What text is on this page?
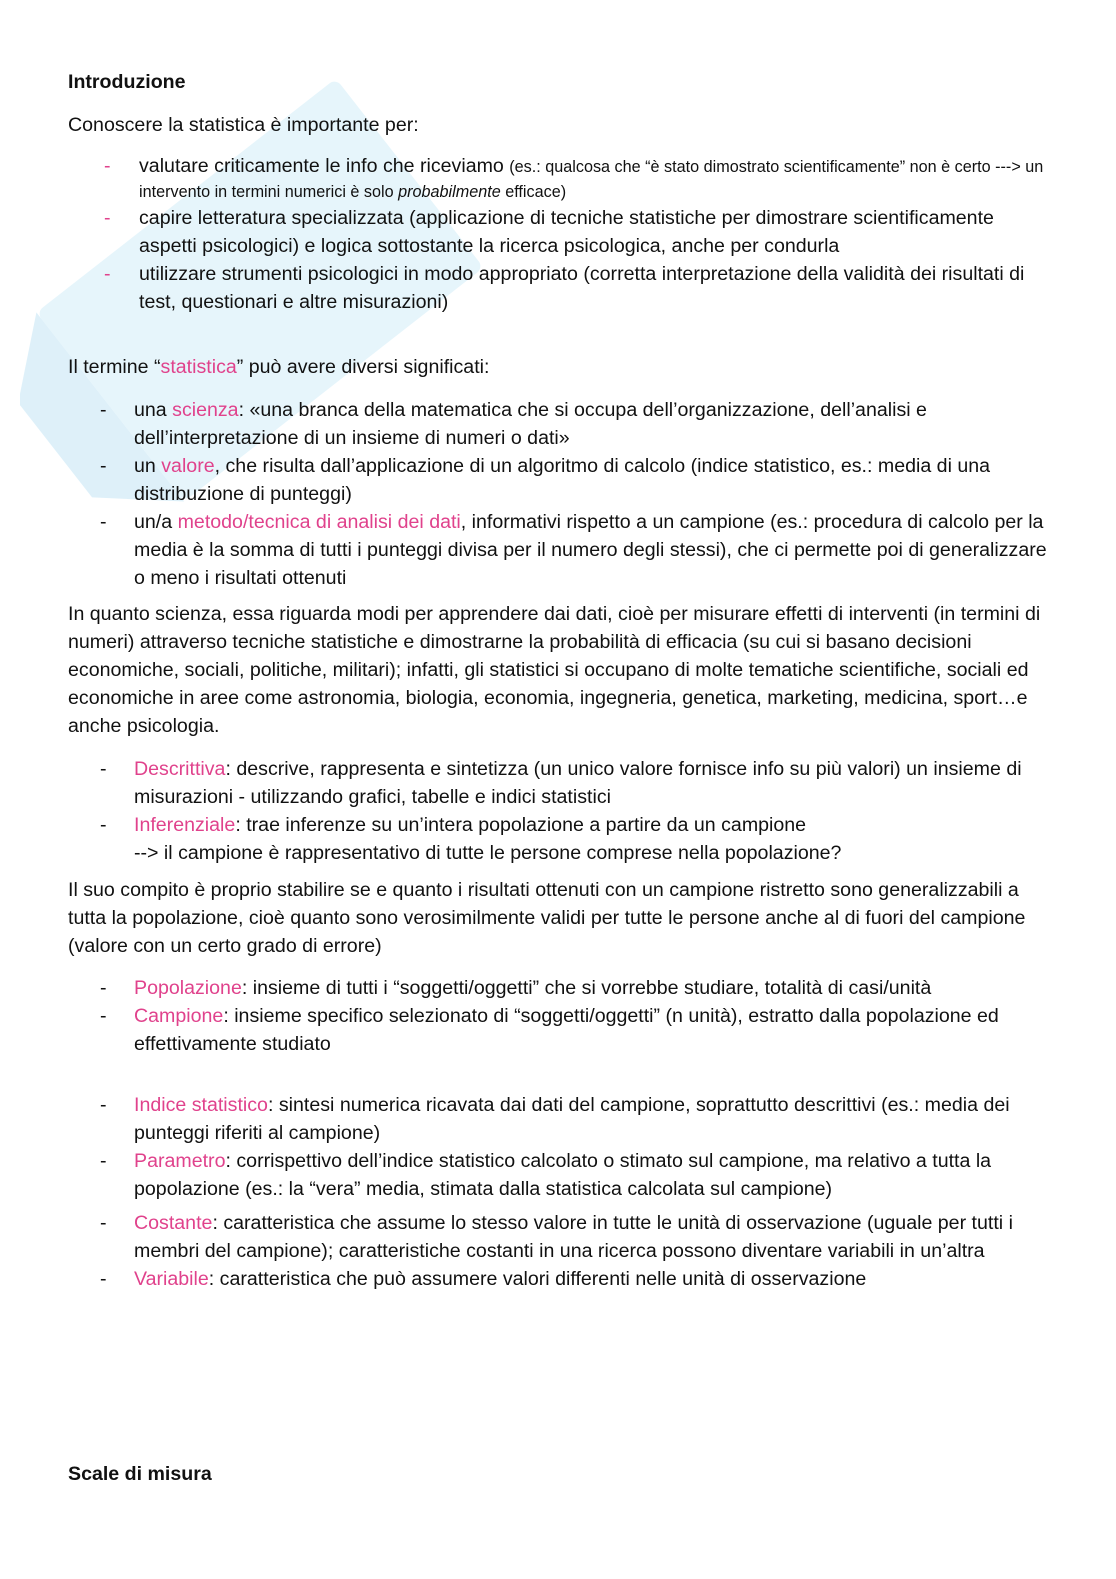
Introduzione

Conoscere la statistica è importante per:

- valutare criticamente le info che riceviamo (es.: qualcosa che “è stato dimostrato scientificamente” non è certo ---> un intervento in termini numerici è solo probabilmente efficace)
- capire letteratura specializzata (applicazione di tecniche statistiche per dimostrare scientificamente aspetti psicologici) e logica sottostante la ricerca psicologica, anche per condurla
- utilizzare strumenti psicologici in modo appropriato (corretta interpretazione della validità dei risultati di test, questionari e altre misurazioni)

Il termine “statistica” può avere diversi significati:

- una scienza: «una branca della matematica che si occupa dell’organizzazione, dell’analisi e dell’interpretazione di un insieme di numeri o dati»
- un valore, che risulta dall’applicazione di un algoritmo di calcolo (indice statistico, es.: media di una distribuzione di punteggi)
- un/a metodo/tecnica di analisi dei dati, informativi rispetto a un campione (es.: procedura di calcolo per la media è la somma di tutti i punteggi divisa per il numero degli stessi), che ci permette poi di generalizzare o meno i risultati ottenuti

In quanto scienza, essa riguarda modi per apprendere dai dati, cioè per misurare effetti di interventi (in termini di numeri) attraverso tecniche statistiche e dimostrarne la probabilità di efficacia (su cui si basano decisioni economiche, sociali, politiche, militari); infatti, gli statistici si occupano di molte tematiche scientifiche, sociali ed economiche in aree come astronomia, biologia, economia, ingegneria, genetica, marketing, medicina, sport…e anche psicologia.

- Descrittiva: descrive, rappresenta e sintetizza (un unico valore fornisce info su più valori) un insieme di misurazioni - utilizzando grafici, tabelle e indici statistici
- Inferenziale: trae inferenze su un’intera popolazione a partire da un campione
--> il campione è rappresentativo di tutte le persone comprese nella popolazione?

Il suo compito è proprio stabilire se e quanto i risultati ottenuti con un campione ristretto sono generalizzabili a tutta la popolazione, cioè quanto sono verosimilmente validi per tutte le persone anche al di fuori del campione (valore con un certo grado di errore)

- Popolazione: insieme di tutti i “soggetti/oggetti” che si vorrebbe studiare, totalità di casi/unità
- Campione: insieme specifico selezionato di “soggetti/oggetti” (n unità), estratto dalla popolazione ed effettivamente studiato
- Indice statistico: sintesi numerica ricavata dai dati del campione, soprattutto descrittivi (es.: media dei punteggi riferiti al campione)
- Parametro: corrispettivo dell’indice statistico calcolato o stimato sul campione, ma relativo a tutta la popolazione (es.: la “vera” media, stimata dalla statistica calcolata sul campione)
- Costante: caratteristica che assume lo stesso valore in tutte le unità di osservazione (uguale per tutti i membri del campione); caratteristiche costanti in una ricerca possono diventare variabili in un’altra
- Variabile: caratteristica che può assumere valori differenti nelle unità di osservazione
Scale di misura
